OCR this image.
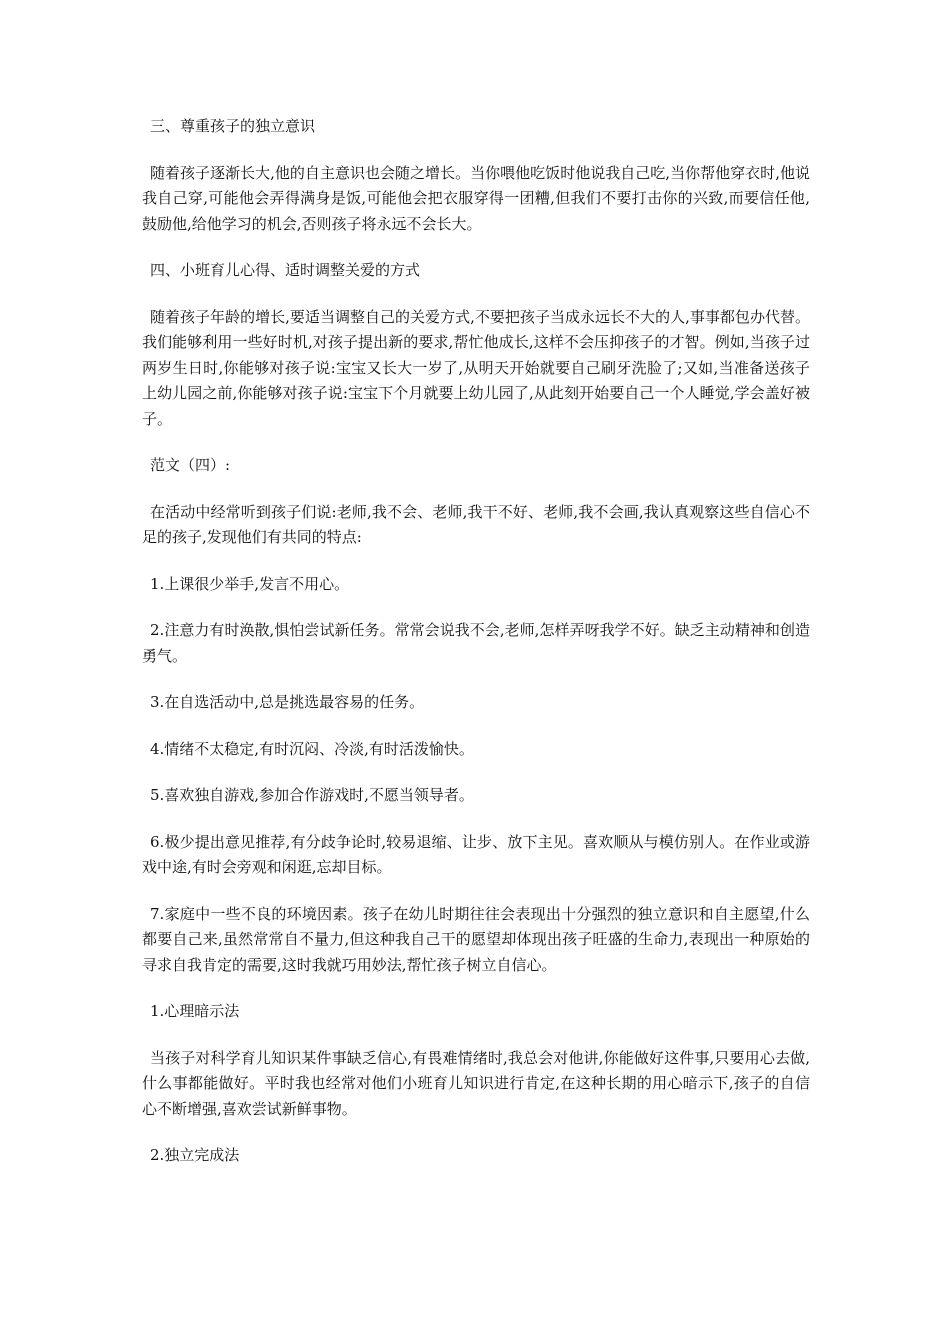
三、尊重孩子的独立意识

随着孩子逐渐长大,他的自主意识也会随之增长。当你喂他吃饭时他说我自己吃,当你帮他穿衣时,他说我自己穿,可能他会弄得满身是饭,可能他会把衣服穿得一团糟,但我们不要打击你的兴致,而要信任他,鼓励他,给他学习的机会,否则孩子将永远不会长大。

四、小班育儿心得、适时调整关爱的方式

随着孩子年龄的增长,要适当调整自己的关爱方式,不要把孩子当成永远长不大的人,事事都包办代替。我们能够利用一些好时机,对孩子提出新的要求,帮忙他成长,这样不会压抑孩子的才智。例如,当孩子过两岁生日时,你能够对孩子说:宝宝又长大一岁了,从明天开始就要自己刷牙洗脸了;又如,当准备送孩子上幼儿园之前,你能够对孩子说:宝宝下个月就要上幼儿园了,从此刻开始要自己一个人睡觉,学会盖好被子。

范文（四）:

在活动中经常听到孩子们说:老师,我不会、老师,我干不好、老师,我不会画,我认真观察这些自信心不足的孩子,发现他们有共同的特点:

1.上课很少举手,发言不用心。

2.注意力有时涣散,惧怕尝试新任务。常常会说我不会,老师,怎样弄呀我学不好。缺乏主动精神和创造勇气。

3.在自选活动中,总是挑选最容易的任务。

4.情绪不太稳定,有时沉闷、冷淡,有时活泼愉快。

5.喜欢独自游戏,参加合作游戏时,不愿当领导者。

6.极少提出意见推荐,有分歧争论时,较易退缩、让步、放下主见。喜欢顺从与模仿别人。在作业或游戏中途,有时会旁观和闲逛,忘却目标。

7.家庭中一些不良的环境因素。孩子在幼儿时期往往会表现出十分强烈的独立意识和自主愿望,什么都要自己来,虽然常常自不量力,但这种我自己干的愿望却体现出孩子旺盛的生命力,表现出一种原始的寻求自我肯定的需要,这时我就巧用妙法,帮忙孩子树立自信心。

1.心理暗示法

当孩子对科学育儿知识某件事缺乏信心,有畏难情绪时,我总会对他讲,你能做好这件事,只要用心去做,什么事都能做好。平时我也经常对他们小班育儿知识进行肯定,在这种长期的用心暗示下,孩子的自信心不断增强,喜欢尝试新鲜事物。

2.独立完成法
